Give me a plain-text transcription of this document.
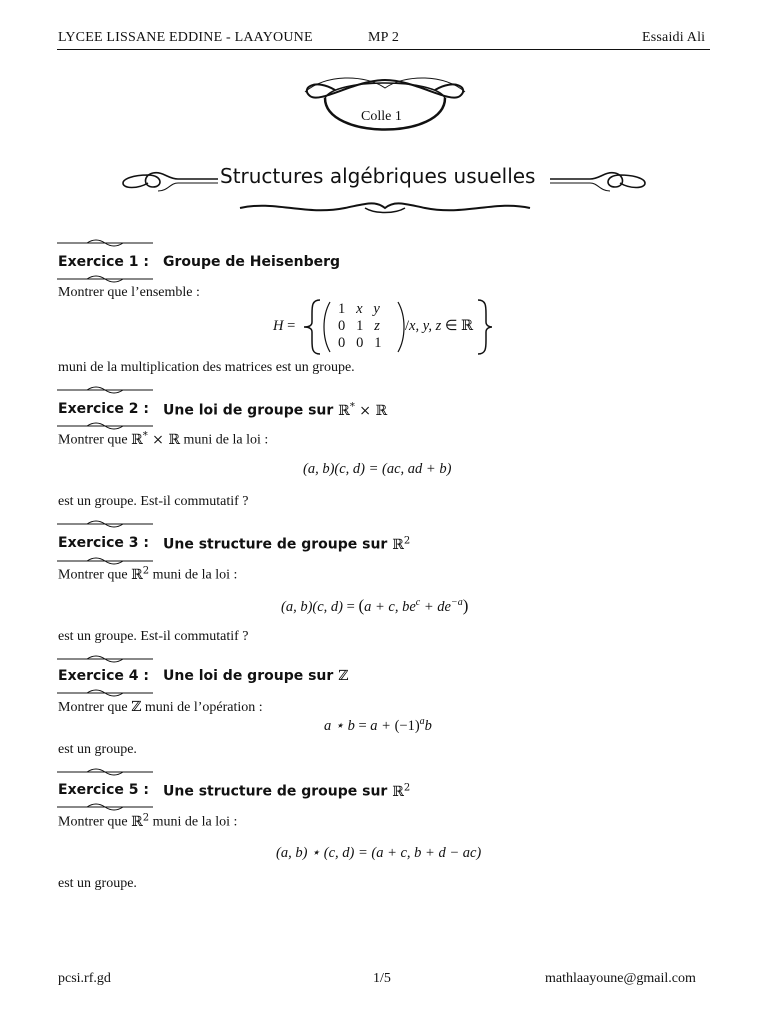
LYCEE LISSANE EDDINE - LAAYOUNE	MP 2	Essaidi Ali
Colle 1
Structures algébriques usuelles
Exercice 1 : Groupe de Heisenberg
Montrer que l’ensemble :
H =
1   x   y
0 1   z
0 0 1
/x, y, z ∈ ℝ
muni de la multiplication des matrices est un groupe.
Exercice 2 : Une loi de groupe sur ℝ* × ℝ
Montrer que ℝ* × ℝ muni de la loi :
(a, b)(c, d) = (ac, ad + b)
est un groupe. Est-il commutatif ?
Exercice 3 : Une structure de groupe sur ℝ$^2$
Montrer que ℝ$^2$ muni de la loi :
(a, b)(c, d) = (a + c, $be^c + de^{-a}$)
est un groupe. Est-il commutatif ?
Exercice 4 : Une loi de groupe sur ℤ
Montrer que ℤ muni de l’opération :
a ⋆ $b = a + (-1)^ab$
est un groupe.
Exercice 5 : Une structure de groupe sur ℝ$^2$
Montrer que ℝ$^2$ muni de la loi :
(a, b) ⋆ (c, d) = (a + c, b + d − ac)
est un groupe.
pcsi.rf.gd	1/5	mathlaayoune@gmail.com
